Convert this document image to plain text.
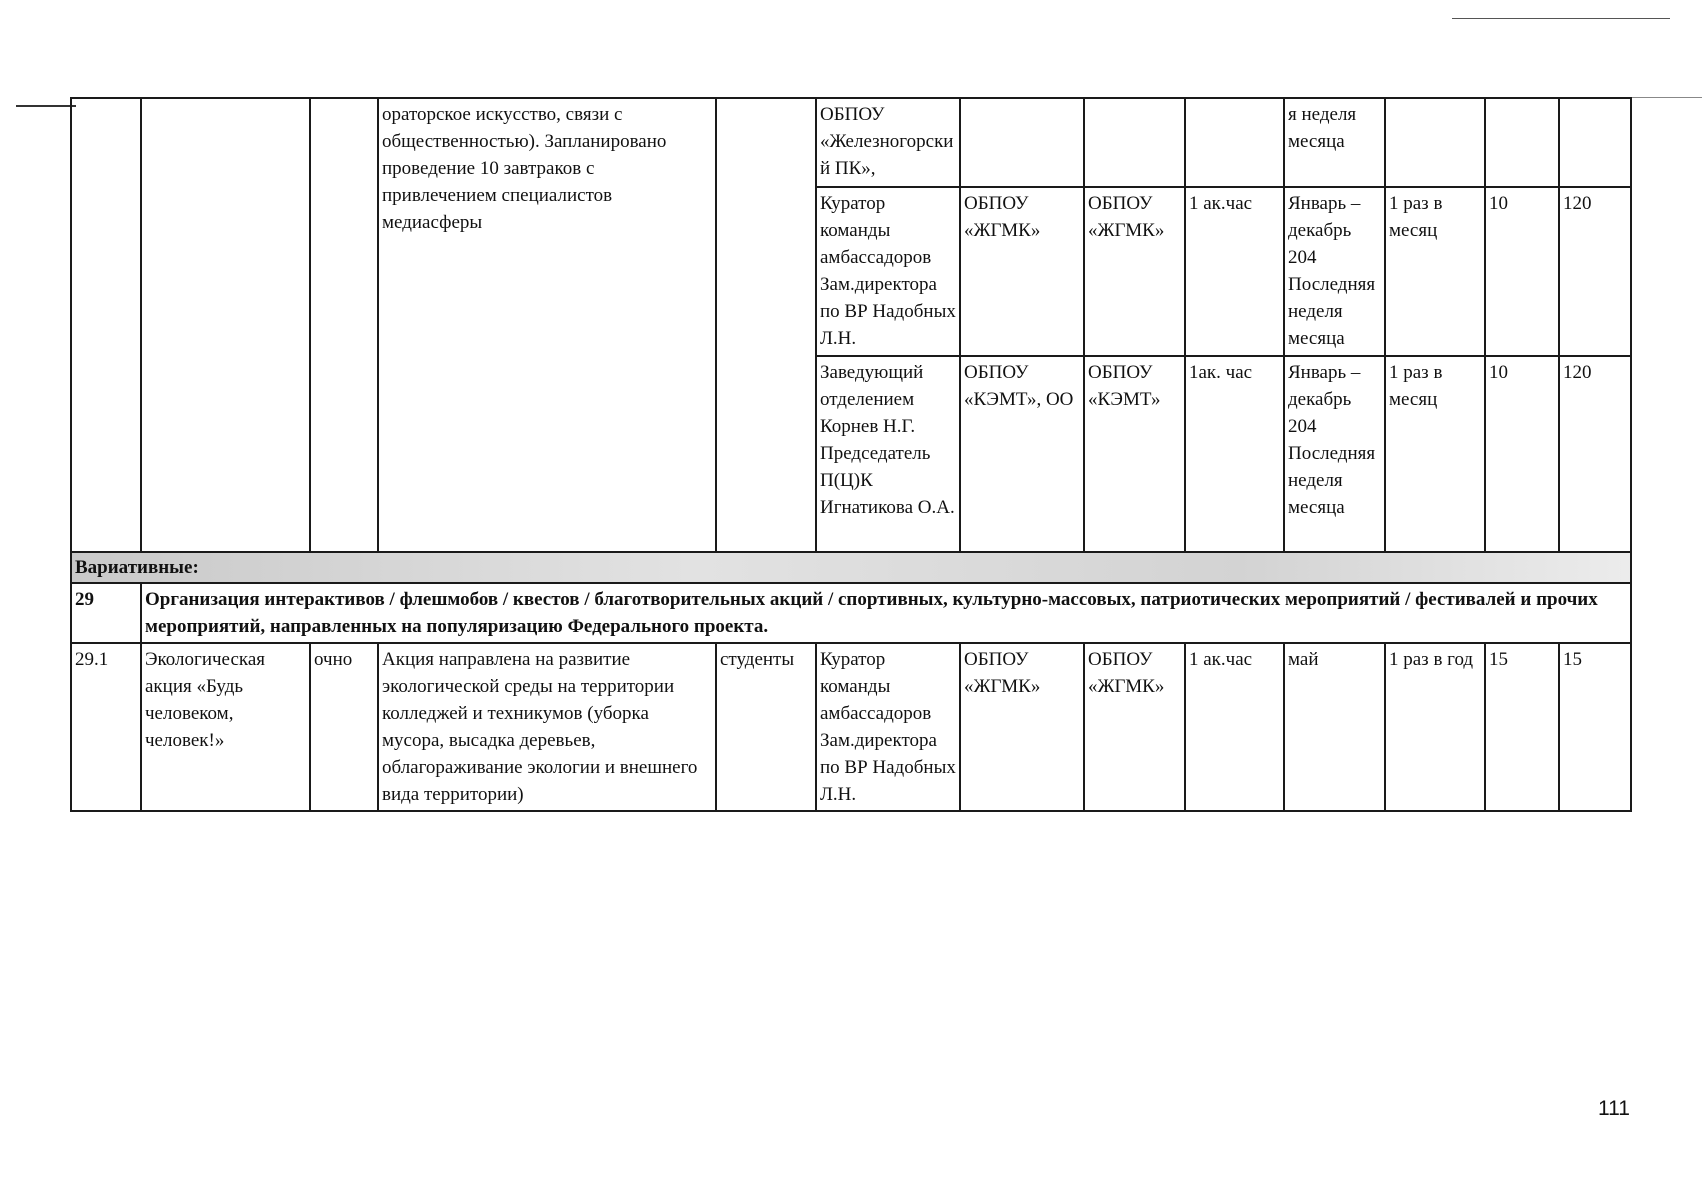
			ораторское искусство, связи с общественностью). Запланировано проведение 10 завтраков с привлечением специалистов медиасферы		ОБПОУ «Железногорский ПК»,				я неделя месяца			
					Куратор команды амбассадоров Зам.директора по ВР Надобных Л.Н.	ОБПОУ «ЖГМК»	ОБПОУ «ЖГМК»	1 ак.час	Январь – декабрь 204 Последняя неделя месяца	1 раз в месяц	10	120
					Заведующий отделением Корнев Н.Г. Председатель П(Ц)К Игнатикова О.А.	ОБПОУ «КЭМТ», ОО	ОБПОУ «КЭМТ»	1ак. час	Январь – декабрь 204 Последняя неделя месяца	1 раз в месяц	10	120
Вариативные:												
29	Организация интерактивов / флешмобов / квестов / благотворительных акций / спортивных, культурно-массовых, патриотических мероприятий / фестивалей и прочих мероприятий, направленных на популяризацию Федерального проекта.											
29.1	Экологическая акция «Будь человеком, человек!»	очно	Акция направлена на развитие экологической среды на территории колледжей и техникумов (уборка мусора, высадка деревьев, облагораживание экологии и внешнего вида территории)	студенты	Куратор команды амбассадоров Зам.директора по ВР Надобных Л.Н.	ОБПОУ «ЖГМК»	ОБПОУ «ЖГМК»	1 ак.час	май	1 раз в год	15	15
111
